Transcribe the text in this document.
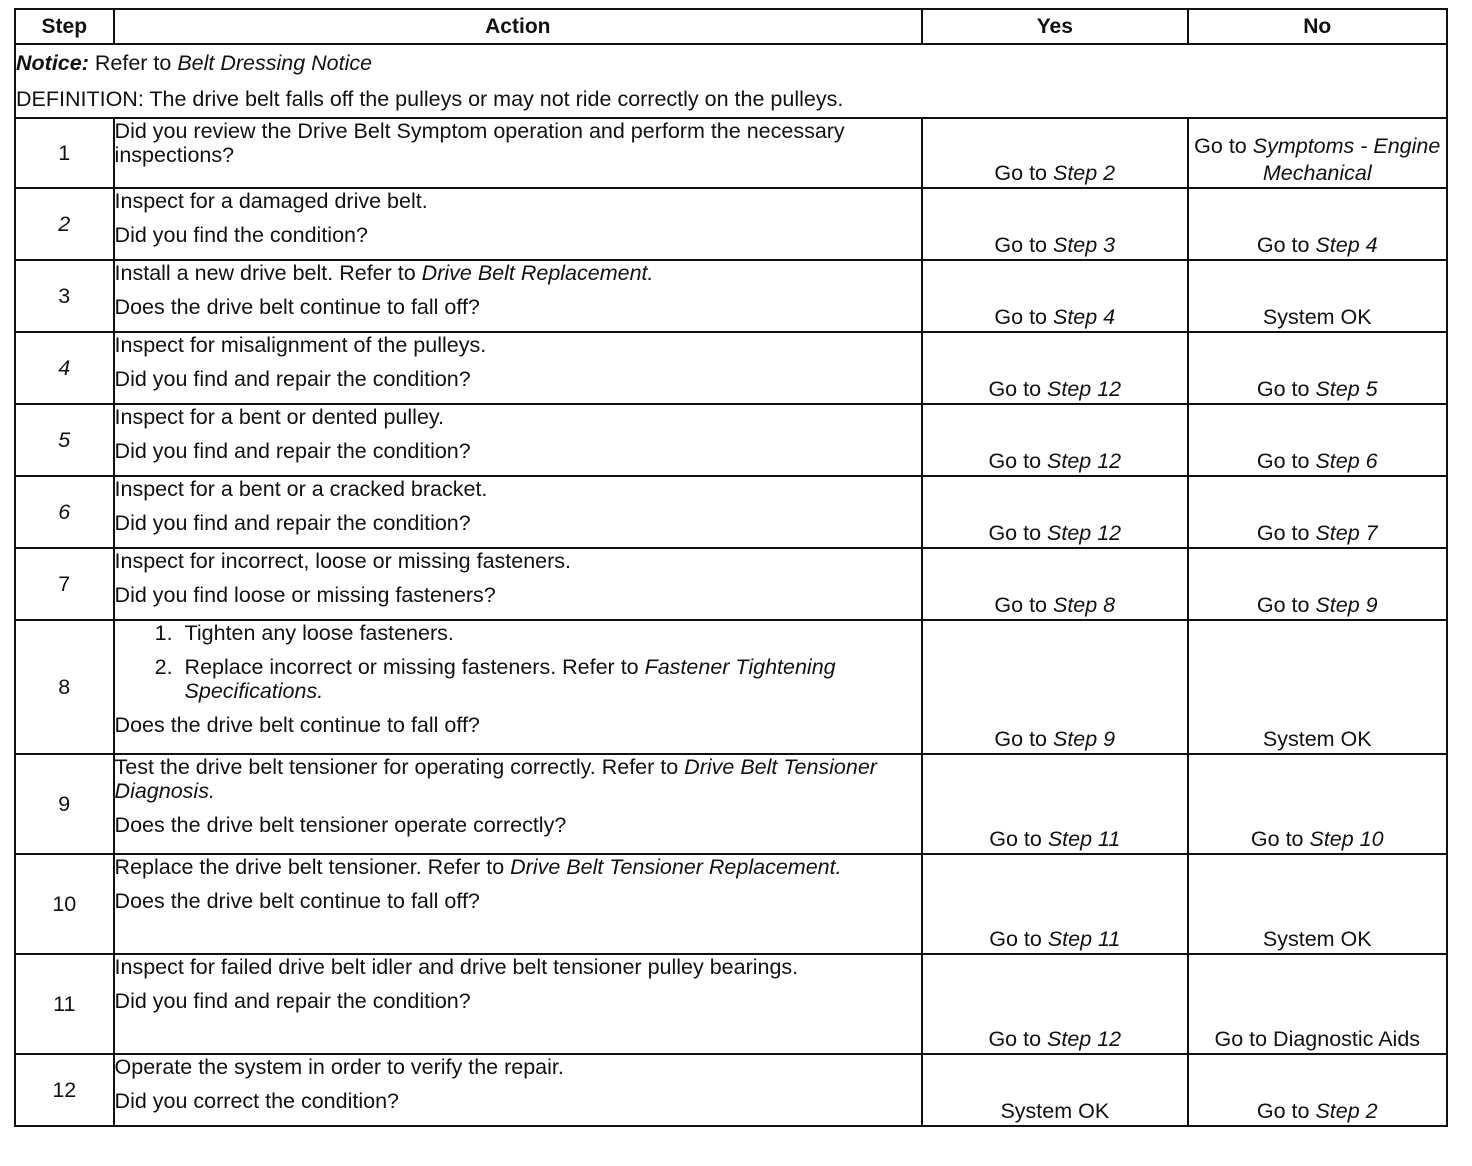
Step	Action	Yes	No

Notice: Refer to Belt Dressing Notice
DEFINITION: The drive belt falls off the pulleys or may not ride correctly on the pulleys.			

1	Did you review the Drive Belt Symptom operation and perform the necessary inspections?	Go to Step 2	Go to Symptoms - Engine Mechanical
2	Inspect for a damaged drive belt.
Did you find the condition?	Go to Step 3	Go to Step 4
3	Install a new drive belt. Refer to Drive Belt Replacement.
Does the drive belt continue to fall off?	Go to Step 4	System OK
4	Inspect for misalignment of the pulleys.
Did you find and repair the condition?	Go to Step 12	Go to Step 5
5	Inspect for a bent or dented pulley.
Did you find and repair the condition?	Go to Step 12	Go to Step 6
6	Inspect for a bent or a cracked bracket.
Did you find and repair the condition?	Go to Step 12	Go to Step 7
7	Inspect for incorrect, loose or missing fasteners.
Did you find loose or missing fasteners?	Go to Step 8	Go to Step 9
8	1. Tighten any loose fasteners.
2. Replace incorrect or missing fasteners. Refer to Fastener Tightening Specifications.
Does the drive belt continue to fall off?	Go to Step 9	System OK
9	Test the drive belt tensioner for operating correctly. Refer to Drive Belt Tensioner Diagnosis.
Does the drive belt tensioner operate correctly?	Go to Step 11	Go to Step 10
10	Replace the drive belt tensioner. Refer to Drive Belt Tensioner Replacement.
Does the drive belt continue to fall off?	Go to Step 11	System OK
11	Inspect for failed drive belt idler and drive belt tensioner pulley bearings.
Did you find and repair the condition?	Go to Step 12	Go to Diagnostic Aids
12	Operate the system in order to verify the repair.
Did you correct the condition?	System OK	Go to Step 2
